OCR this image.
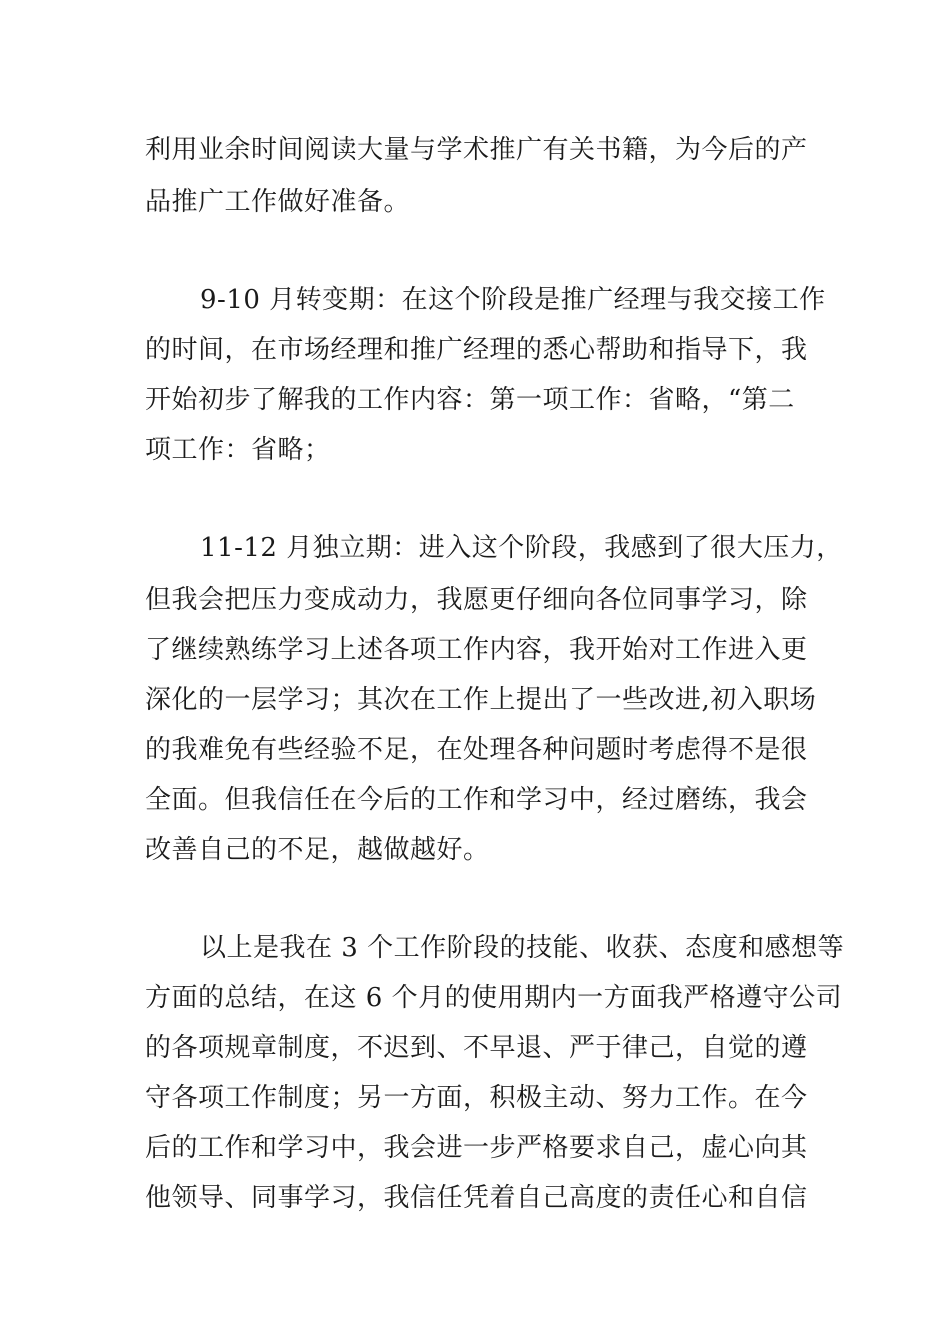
利用业余时间阅读大量与学术推广有关书籍，为今后的产
品推广工作做好准备。
9-10 月转变期：在这个阶段是推广经理与我交接工作
的时间，在市场经理和推广经理的悉心帮助和指导下，我
开始初步了解我的工作内容：第一项工作：省略，“第二
项工作：省略；
11-12 月独立期：进入这个阶段，我感到了很大压力，
但我会把压力变成动力，我愿更仔细向各位同事学习，除
了继续熟练学习上述各项工作内容，我开始对工作进入更
深化的一层学习；其次在工作上提出了一些改进,初入职场
的我难免有些经验不足，在处理各种问题时考虑得不是很
全面。但我信任在今后的工作和学习中，经过磨练，我会
改善自己的不足，越做越好。
以上是我在 3 个工作阶段的技能、收获、态度和感想等
方面的总结，在这 6 个月的使用期内一方面我严格遵守公司
的各项规章制度，不迟到、不早退、严于律己，自觉的遵
守各项工作制度；另一方面，积极主动、努力工作。在今
后的工作和学习中，我会进一步严格要求自己，虚心向其
他领导、同事学习，我信任凭着自己高度的责任心和自信
